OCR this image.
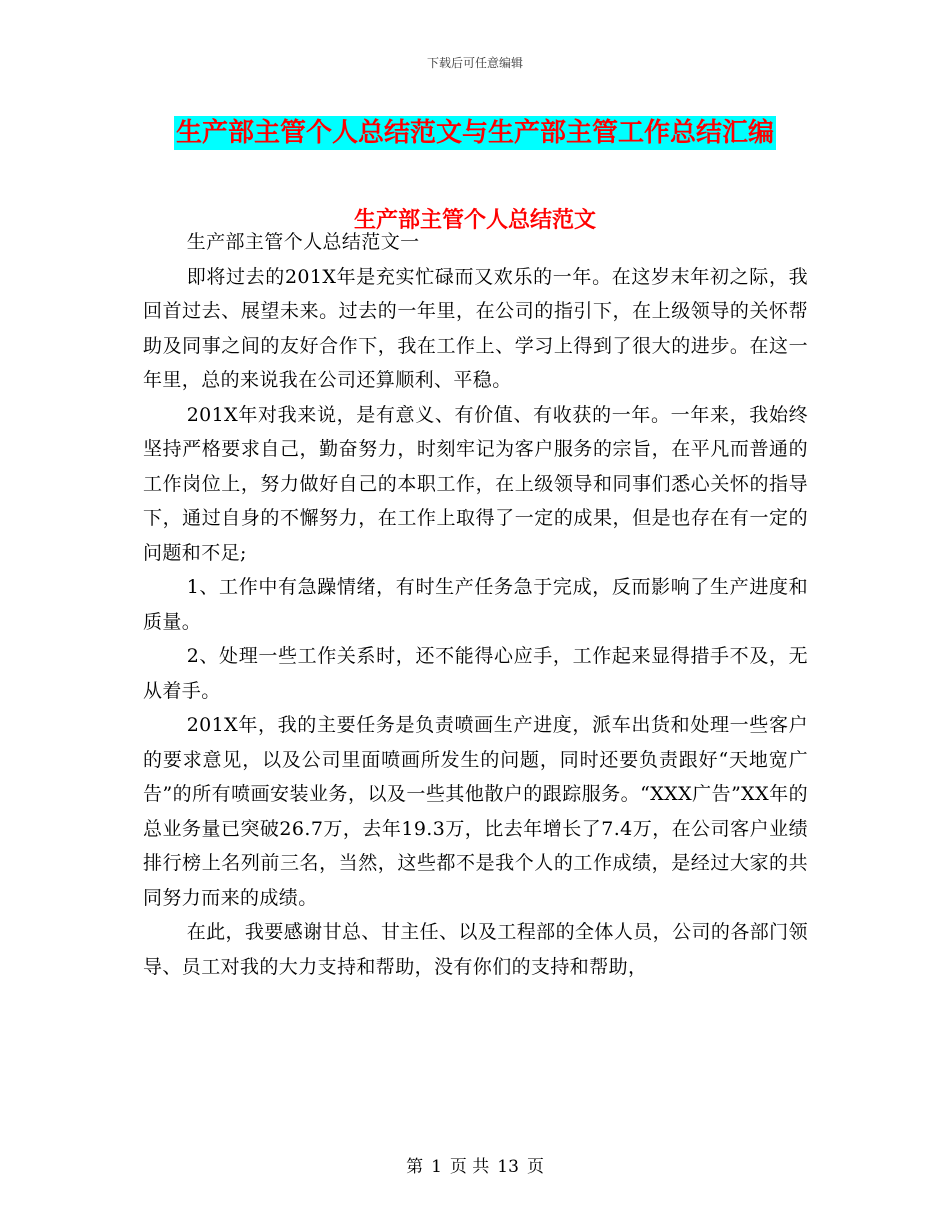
下载后可任意编辑
生产部主管个人总结范文与生产部主管工作总结汇编
生产部主管个人总结范文

生产部主管个人总结范文一

即将过去的201X年是充实忙碌而又欢乐的一年。在这岁末年初之际，我回首过去、展望未来。过去的一年里，在公司的指引下，在上级领导的关怀帮助及同事之间的友好合作下，我在工作上、学习上得到了很大的进步。在这一年里，总的来说我在公司还算顺利、平稳。

201X年对我来说，是有意义、有价值、有收获的一年。一年来，我始终坚持严格要求自己，勤奋努力，时刻牢记为客户服务的宗旨，在平凡而普通的工作岗位上，努力做好自己的本职工作，在上级领导和同事们悉心关怀的指导下，通过自身的不懈努力，在工作上取得了一定的成果，但是也存在有一定的问题和不足;

1、工作中有急躁情绪，有时生产任务急于完成，反而影响了生产进度和质量。

2、处理一些工作关系时，还不能得心应手，工作起来显得措手不及，无从着手。

201X年，我的主要任务是负责喷画生产进度，派车出货和处理一些客户的要求意见，以及公司里面喷画所发生的问题，同时还要负责跟好“天地宽广告”的所有喷画安装业务，以及一些其他散户的跟踪服务。“XXX广告”XX年的总业务量已突破26.7万，去年19.3万，比去年增长了7.4万，在公司客户业绩排行榜上名列前三名，当然，这些都不是我个人的工作成绩，是经过大家的共同努力而来的成绩。

在此，我要感谢甘总、甘主任、以及工程部的全体人员，公司的各部门领导、员工对我的大力支持和帮助，没有你们的支持和帮助，

第 1 页 共 13 页
